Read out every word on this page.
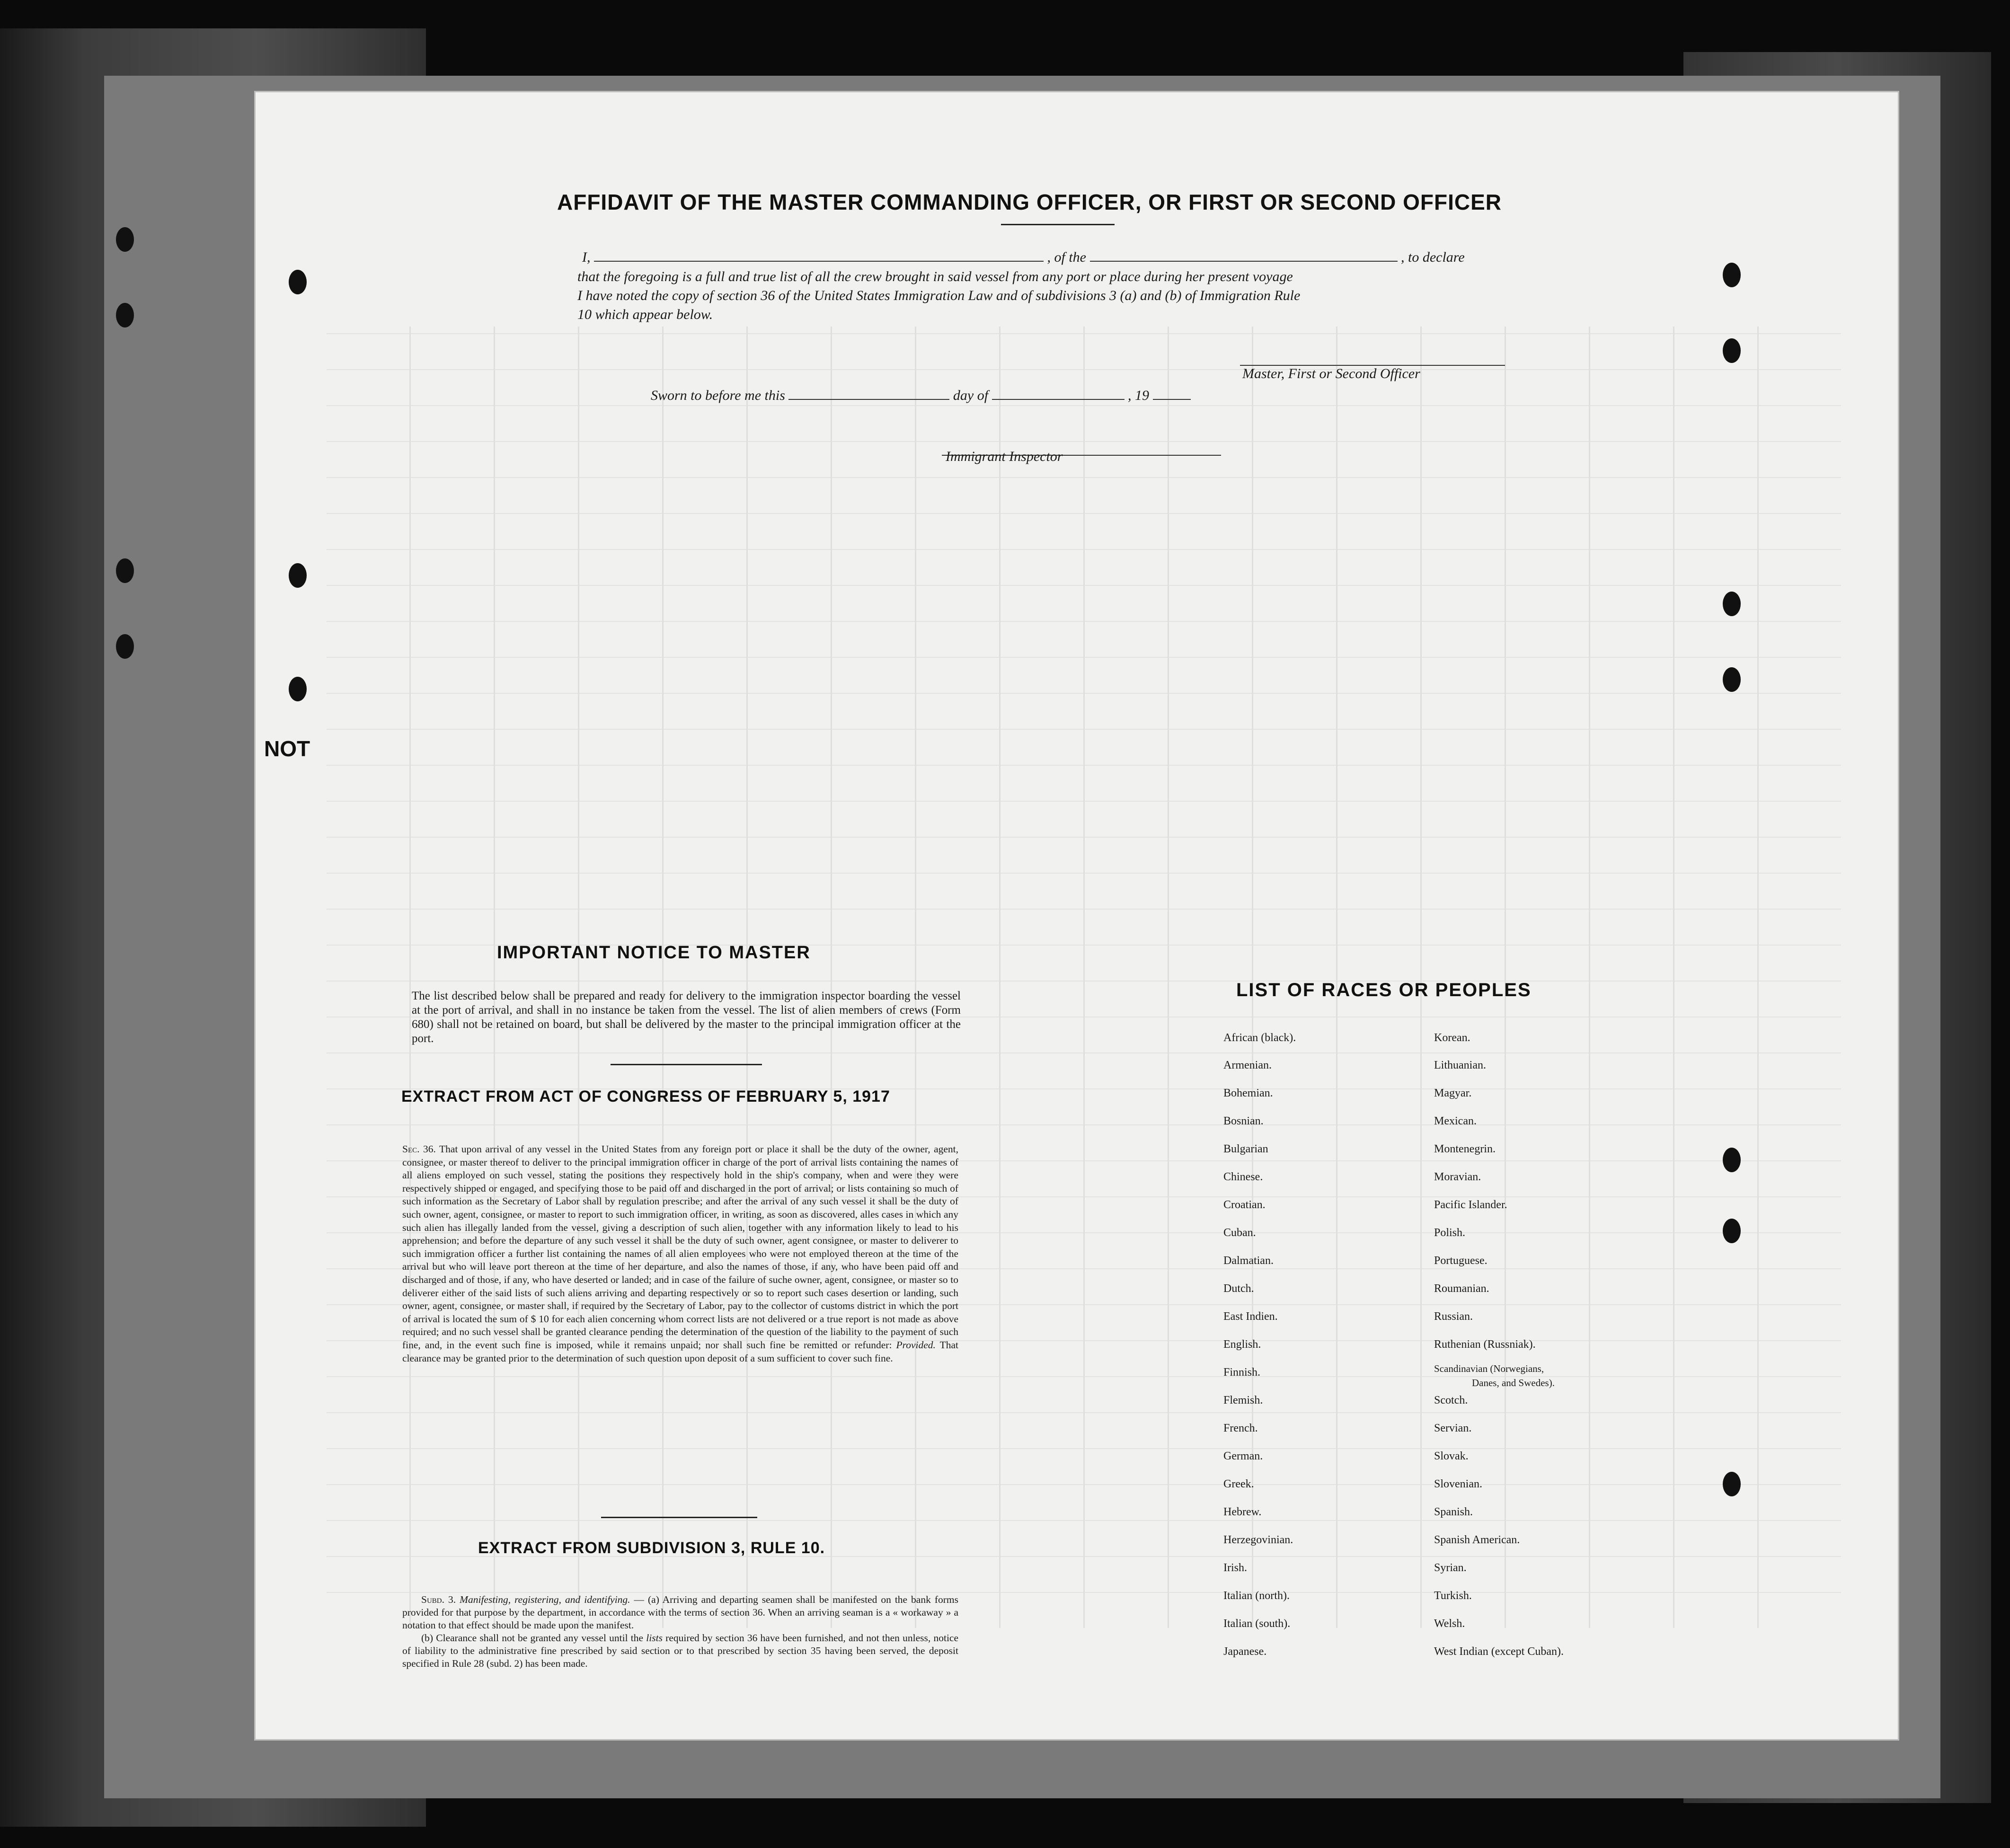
NOT
AFFIDAVIT OF THE MASTER COMMANDING OFFICER, OR FIRST OR SECOND OFFICER
I,	, of the	, to declare
that the foregoing is a full and true list of all the crew brought in said vessel from any port or place during her present voyage
I have noted the copy of section 36 of the United States Immigration Law and of subdivisions 3 (a) and (b) of Immigration Rule
10 which appear below.
Master, First or Second Officer
Sworn to before me this	day of	, 19
Immigrant Inspector
IMPORTANT NOTICE TO MASTER
The list described below shall be prepared and ready for delivery to the immigration inspector boarding the vessel at the port of arrival, and shall in no instance be taken from the vessel. The list of alien members of crews (Form 680) shall not be retained on board, but shall be delivered by the master to the principal immigration officer at the port.
EXTRACT FROM ACT OF CONGRESS OF FEBRUARY 5, 1917
Sec. 36. That upon arrival of any vessel in the United States from any foreign port or place it shall be the duty of the owner, agent, consignee, or master thereof to deliver to the principal immigration officer in charge of the port of arrival lists containing the names of all aliens employed on such vessel, stating the positions they respectively hold in the ship's company, when and were they were respectively shipped or engaged, and specifying those to be paid off and discharged in the port of arrival; or lists containing so much of such information as the Secretary of Labor shall by regulation prescribe; and after the arrival of any such vessel it shall be the duty of such owner, agent, consignee, or master to report to such immigration officer, in writing, as soon as discovered, alles cases in which any such alien has illegally landed from the vessel, giving a description of such alien, together with any information likely to lead to his apprehension; and before the departure of any such vessel it shall be the duty of such owner, agent consignee, or master to deliverer to such immigration officer a further list containing the names of all alien employees who were not employed thereon at the time of the arrival but who will leave port thereon at the time of her departure, and also the names of those, if any, who have been paid off and discharged and of those, if any, who have deserted or landed; and in case of the failure of suche owner, agent, consignee, or master so to deliverer either of the said lists of such aliens arriving and departing respectively or so to report such cases desertion or landing, such owner, agent, consignee, or master shall, if required by the Secretary of Labor, pay to the collector of customs district in which the port of arrival is located the sum of $ 10 for each alien concerning whom correct lists are not delivered or a true report is not made as above required; and no such vessel shall be granted clearance pending the determination of the question of the liability to the payment of such fine, and, in the event such fine is imposed, while it remains unpaid; nor shall such fine be remitted or refunder: Provided. That clearance may be granted prior to the determination of such question upon deposit of a sum sufficient to cover such fine.
EXTRACT FROM SUBDIVISION 3, RULE 10.
Subd. 3. Manifesting, registering, and identifying. — (a) Arriving and departing seamen shall be manifested on the bank forms provided for that purpose by the department, in accordance with the terms of section 36. When an arriving seaman is a « workaway » a notation to that effect should be made upon the manifest.
(b) Clearance shall not be granted any vessel until the lists required by section 36 have been furnished, and not then unless, notice of liability to the administrative fine prescribed by said section or to that prescribed by section 35 having been served, the deposit specified in Rule 28 (subd. 2) has been made.
LIST OF RACES OR PEOPLES
African (black).
Armenian.
Bohemian.
Bosnian.
Bulgarian
Chinese.
Croatian.
Cuban.
Dalmatian.
Dutch.
East Indien.
English.
Finnish.
Flemish.
French.
German.
Greek.
Hebrew.
Herzegovinian.
Irish.
Italian (north).
Italian (south).
Japanese.
Korean.
Lithuanian.
Magyar.
Mexican.
Montenegrin.
Moravian.
Pacific Islander.
Polish.
Portuguese.
Roumanian.
Russian.
Ruthenian (Russniak).
Scandinavian (Norwegians,
Danes, and Swedes).
Scotch.
Servian.
Slovak.
Slovenian.
Spanish.
Spanish American.
Syrian.
Turkish.
Welsh.
West Indian (except Cuban).
